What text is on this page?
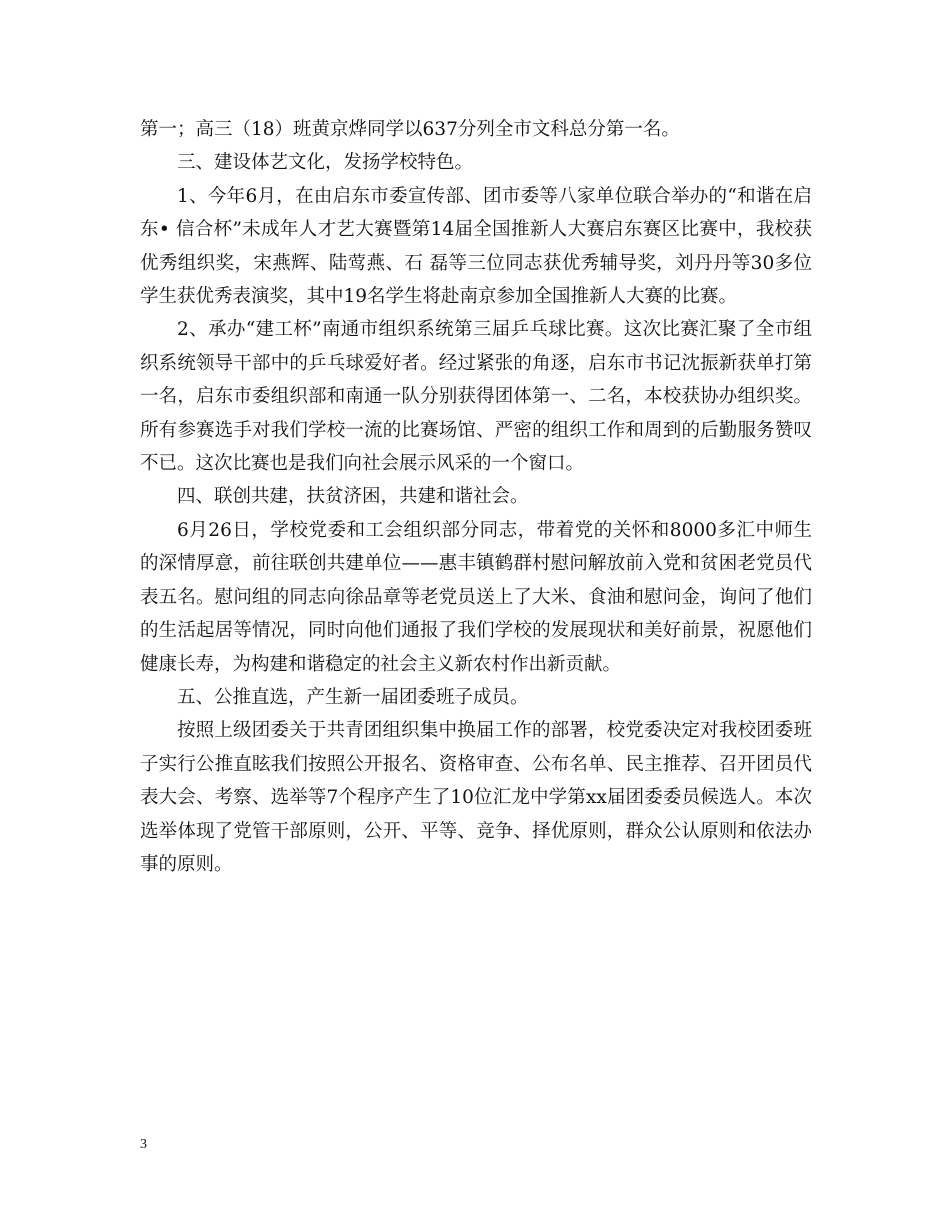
第一；高三（18）班黄京烨同学以637分列全市文科总分第一名。

三、建设体艺文化，发扬学校特色。

1、今年6月，在由启东市委宣传部、团市委等八家单位联合举办的“和谐在启东• 信合杯”未成年人才艺大赛暨第14届全国推新人大赛启东赛区比赛中，我校获优秀组织奖，宋燕辉、陆莺燕、石 磊等三位同志获优秀辅导奖，刘丹丹等30多位学生获优秀表演奖，其中19名学生将赴南京参加全国推新人大赛的比赛。

2、承办“建工杯”南通市组织系统第三届乒乓球比赛。这次比赛汇聚了全市组织系统领导干部中的乒乓球爱好者。经过紧张的角逐，启东市书记沈振新获单打第一名，启东市委组织部和南通一队分别获得团体第一、二名，本校获协办组织奖。所有参赛选手对我们学校一流的比赛场馆、严密的组织工作和周到的后勤服务赞叹不已。这次比赛也是我们向社会展示风采的一个窗口。

四、联创共建，扶贫济困，共建和谐社会。

6月26日，学校党委和工会组织部分同志，带着党的关怀和8000多汇中师生的深情厚意，前往联创共建单位——惠丰镇鹤群村慰问解放前入党和贫困老党员代表五名。慰问组的同志向徐品章等老党员送上了大米、食油和慰问金，询问了他们的生活起居等情况，同时向他们通报了我们学校的发展现状和美好前景，祝愿他们健康长寿，为构建和谐稳定的社会主义新农村作出新贡献。

五、公推直选，产生新一届团委班子成员。

按照上级团委关于共青团组织集中换届工作的部署，校党委决定对我校团委班子实行公推直眩我们按照公开报名、资格审查、公布名单、民主推荐、召开团员代表大会、考察、选举等7个程序产生了10位汇龙中学第xx届团委委员候选人。本次选举体现了党管干部原则，公开、平等、竞争、择优原则，群众公认原则和依法办事的原则。

3
